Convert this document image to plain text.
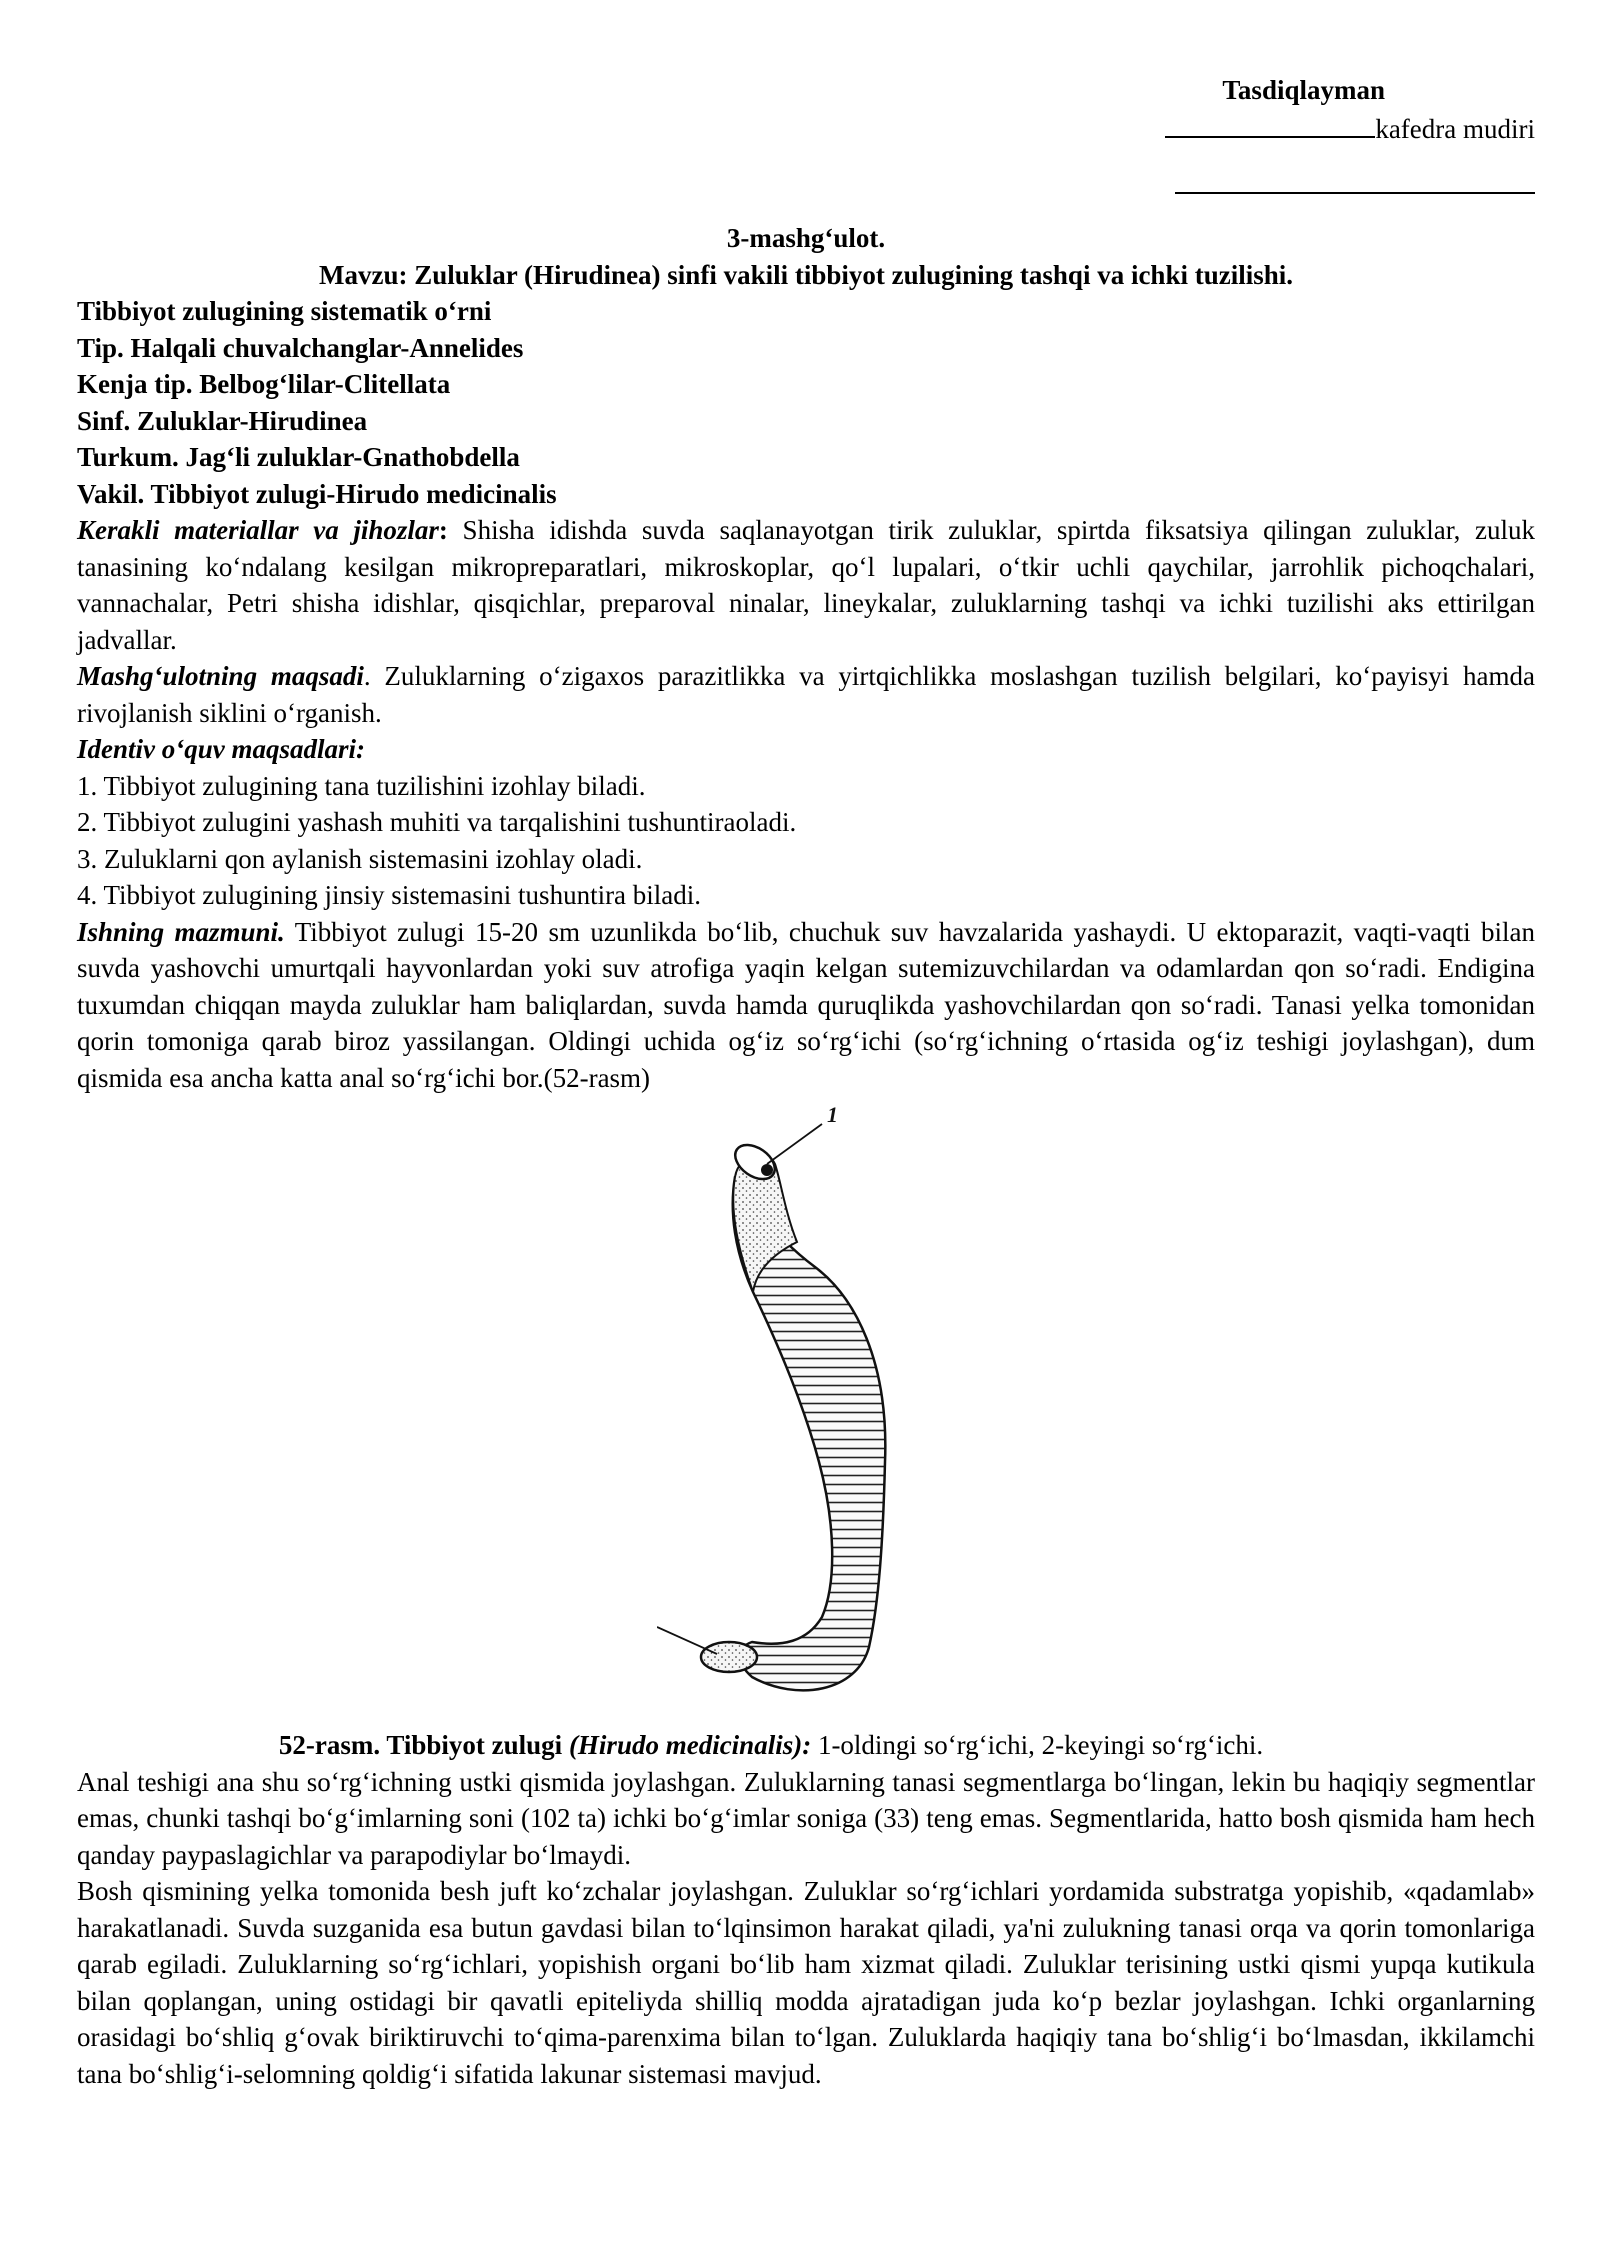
Tasdiqlayman
kafedra mudiri
3-mashg‘ulot.
Mavzu: Zuluklar (Hirudinea) sinfi vakili tibbiyot zulugining tashqi va ichki tuzilishi.
Tibbiyot zulugining sistematik o‘rni
Tip. Halqali chuvalchanglar-Annelides
Kenja tip. Belbog‘lilar-Clitellata
Sinf. Zuluklar-Hirudinea
Turkum. Jag‘li zuluklar-Gnathobdella
Vakil. Tibbiyot zulugi-Hirudo medicinalis

Kerakli materiallar va jihozlar: Shisha idishda suvda saqlanayotgan tirik zuluklar, spirtda fiksatsiya qilingan zuluklar, zuluk tanasining ko‘ndalang kesilgan mikropreparatlari, mikroskoplar, qo‘l lupalari, o‘tkir uchli qaychilar, jarrohlik pichoqchalari, vannachalar, Petri shisha idishlar, qisqichlar, preparoval ninalar, lineykalar, zuluklarning tashqi va ichki tuzilishi aks ettirilgan jadvallar.

Mashg‘ulotning maqsadi. Zuluklarning o‘zigaxos parazitlikka va yirtqichlikka moslashgan tuzilish belgilari, ko‘payisyi hamda rivojlanish siklini o‘rganish.

Identiv o‘quv maqsadlari:
1. Tibbiyot zulugining tana tuzilishini izohlay biladi.
2. Tibbiyot zulugini yashash muhiti va tarqalishini tushuntiraoladi.
3. Zuluklarni qon aylanish sistemasini izohlay oladi.
4. Tibbiyot zulugining jinsiy sistemasini tushuntira biladi.

Ishning mazmuni. Tibbiyot zulugi 15-20 sm uzunlikda bo‘lib, chuchuk suv havzalarida yashaydi. U ektoparazit, vaqti-vaqti bilan suvda yashovchi umurtqali hayvonlardan yoki suv atrofiga yaqin kelgan sutemizuvchilardan va odamlardan qon so‘radi. Endigina tuxumdan chiqqan mayda zuluklar ham baliqlardan, suvda hamda quruqlikda yashovchilardan qon so‘radi. Tanasi yelka tomonidan qorin tomoniga qarab biroz yassilangan. Oldingi uchida og‘iz so‘rg‘ichi (so‘rg‘ichning o‘rtasida og‘iz teshigi joylashgan), dum qismida esa ancha katta anal so‘rg‘ichi bor.(52-rasm)

1
52-rasm. Tibbiyot zulugi (Hirudo medicinalis): 1-oldingi so‘rg‘ichi, 2-keyingi so‘rg‘ichi.

Anal teshigi ana shu so‘rg‘ichning ustki qismida joylashgan. Zuluklarning tanasi segmentlarga bo‘lingan, lekin bu haqiqiy segmentlar emas, chunki tashqi bo‘g‘imlarning soni (102 ta) ichki bo‘g‘imlar soniga (33) teng emas. Segmentlarida, hatto bosh qismida ham hech qanday paypaslagichlar va parapodiylar bo‘lmaydi.

Bosh qismining yelka tomonida besh juft ko‘zchalar joylashgan. Zuluklar so‘rg‘ichlari yordamida substratga yopishib, «qadamlab» harakatlanadi. Suvda suzganida esa butun gavdasi bilan to‘lqinsimon harakat qiladi, ya'ni zulukning tanasi orqa va qorin tomonlariga qarab egiladi. Zuluklarning so‘rg‘ichlari, yopishish organi bo‘lib ham xizmat qiladi. Zuluklar terisining ustki qismi yupqa kutikula bilan qoplangan, uning ostidagi bir qavatli epiteliyda shilliq modda ajratadigan juda ko‘p bezlar joylashgan. Ichki organlarning orasidagi bo‘shliq g‘ovak biriktiruvchi to‘qima-parenxima bilan to‘lgan. Zuluklarda haqiqiy tana bo‘shlig‘i bo‘lmasdan, ikkilamchi tana bo‘shlig‘i-selomning qoldig‘i sifatida lakunar sistemasi mavjud.
